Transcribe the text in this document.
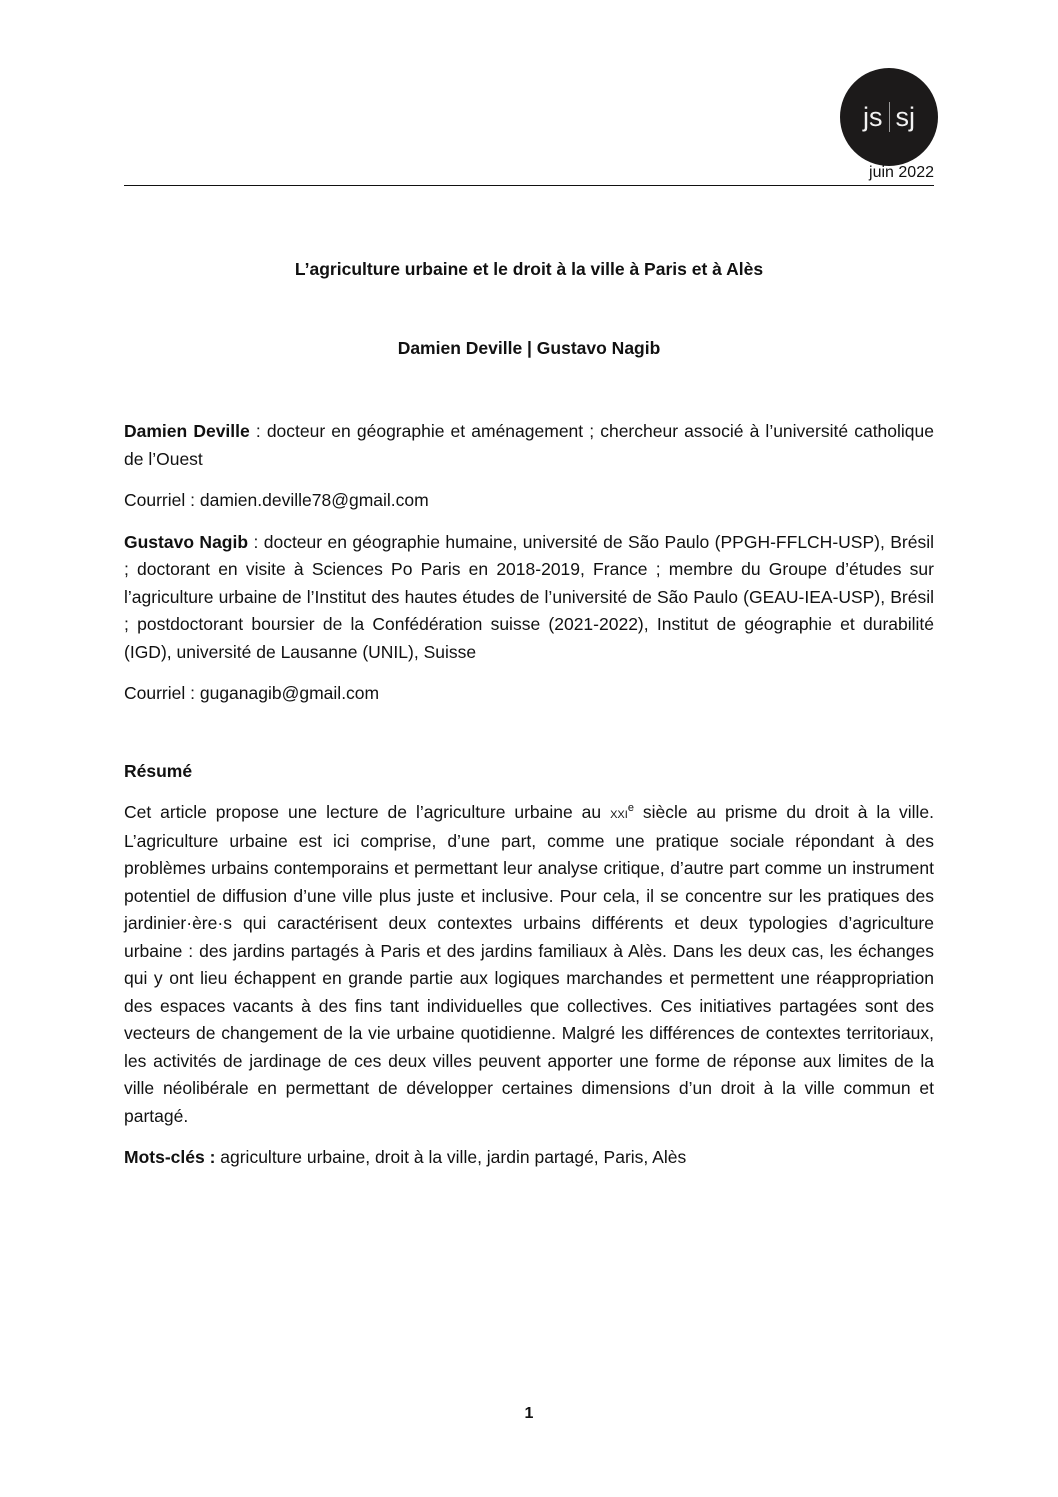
js sj
juin 2022
L’agriculture urbaine et le droit à la ville à Paris et à Alès
Damien Deville | Gustavo Nagib

Damien Deville : docteur en géographie et aménagement ; chercheur associé à l’université catholique de l’Ouest

Courriel : damien.deville78@gmail.com

Gustavo Nagib : docteur en géographie humaine, université de São Paulo (PPGH-FFLCH-USP), Brésil ; doctorant en visite à Sciences Po Paris en 2018-2019, France ; membre du Groupe d’études sur l’agriculture urbaine de l’Institut des hautes études de l’université de São Paulo (GEAU-IEA-USP), Brésil ; postdoctorant boursier de la Confédération suisse (2021-2022), Institut de géographie et durabilité (IGD), université de Lausanne (UNIL), Suisse

Courriel : guganagib@gmail.com

Résumé

Cet article propose une lecture de l’agriculture urbaine au xxi$^e$ siècle au prisme du droit à la ville. L’agriculture urbaine est ici comprise, d’une part, comme une pratique sociale répondant à des problèmes urbains contemporains et permettant leur analyse critique, d’autre part comme un instrument potentiel de diffusion d’une ville plus juste et inclusive. Pour cela, il se concentre sur les pratiques des jardinier·ère·s qui caractérisent deux contextes urbains différents et deux typologies d’agriculture urbaine : des jardins partagés à Paris et des jardins familiaux à Alès. Dans les deux cas, les échanges qui y ont lieu échappent en grande partie aux logiques marchandes et permettent une réappropriation des espaces vacants à des fins tant individuelles que collectives. Ces initiatives partagées sont des vecteurs de changement de la vie urbaine quotidienne. Malgré les différences de contextes territoriaux, les activités de jardinage de ces deux villes peuvent apporter une forme de réponse aux limites de la ville néolibérale en permettant de développer certaines dimensions d’un droit à la ville commun et partagé.

Mots-clés : agriculture urbaine, droit à la ville, jardin partagé, Paris, Alès

1
